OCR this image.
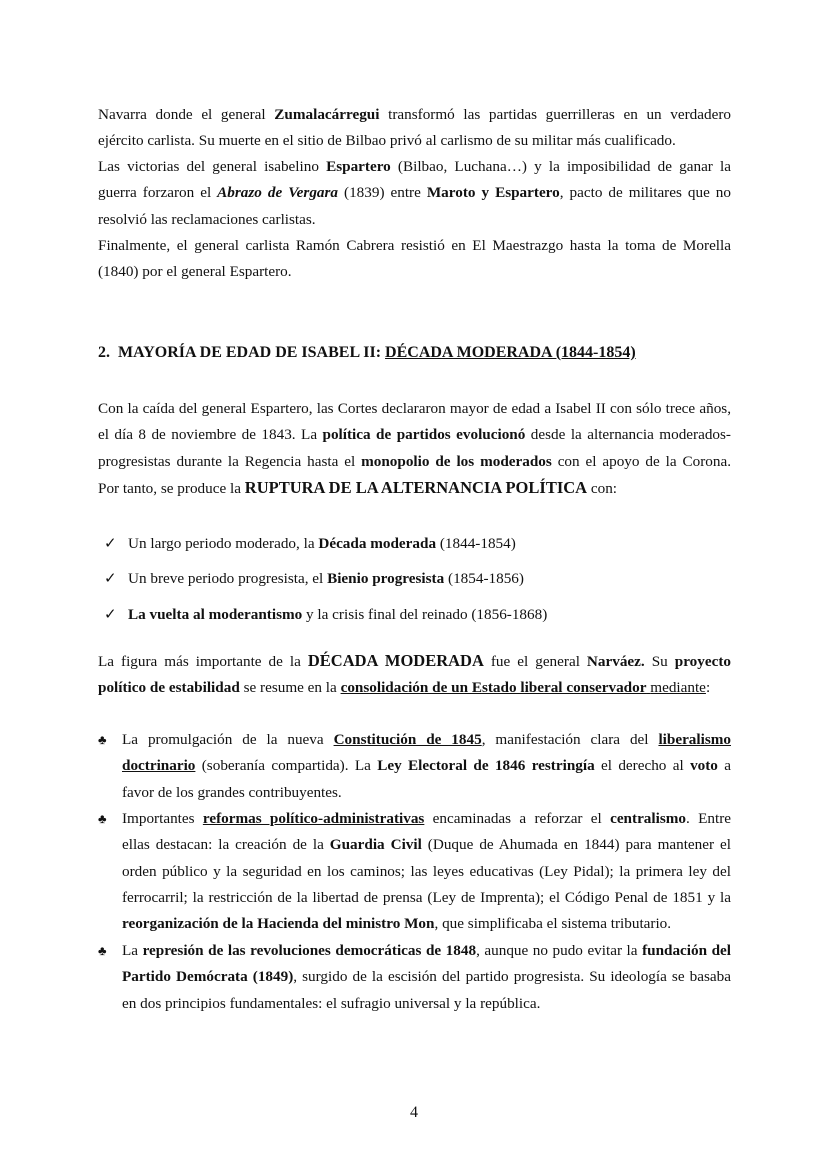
Navarra donde el general Zumalacárregui transformó las partidas guerrilleras en un verdadero
ejército carlista. Su muerte en el sitio de Bilbao privó al carlismo de su militar más cualificado.
Las victorias del general isabelino Espartero (Bilbao, Luchana…) y la imposibilidad de ganar la
guerra forzaron el Abrazo de Vergara (1839) entre Maroto y Espartero, pacto de militares que no
resolvió las reclamaciones carlistas.
Finalmente, el general carlista Ramón Cabrera resistió en El Maestrazgo hasta la toma de Morella
(1840) por el general Espartero.
2. MAYORÍA DE EDAD DE ISABEL II: DÉCADA MODERADA (1844-1854)
Con la caída del general Espartero, las Cortes declararon mayor de edad a Isabel II con sólo trece años,
el día 8 de noviembre de 1843. La política de partidos evolucionó desde la alternancia moderados-
progresistas durante la Regencia hasta el monopolio de los moderados con el apoyo de la Corona.
Por tanto, se produce la RUPTURA DE LA ALTERNANCIA POLÍTICA con:
✓ Un largo periodo moderado, la Década moderada (1844-1854)
✓ Un breve periodo progresista, el Bienio progresista (1854-1856)
✓ La vuelta al moderantismo y la crisis final del reinado (1856-1868)
La figura más importante de la DÉCADA MODERADA fue el general Narváez. Su proyecto
político de estabilidad se resume en la consolidación de un Estado liberal conservador mediante:
♣	La promulgación de la nueva Constitución de 1845, manifestación clara del liberalismo
doctrinario (soberanía compartida). La Ley Electoral de 1846 restringía el derecho al voto a
favor de los grandes contribuyentes.
♣	Importantes reformas político-administrativas encaminadas a reforzar el centralismo. Entre
ellas destacan: la creación de la Guardia Civil (Duque de Ahumada en 1844) para mantener el
orden público y la seguridad en los caminos; las leyes educativas (Ley Pidal); la primera ley del
ferrocarril; la restricción de la libertad de prensa (Ley de Imprenta); el Código Penal de 1851 y la
reorganización de la Hacienda del ministro Mon, que simplificaba el sistema tributario.
♣	La represión de las revoluciones democráticas de 1848, aunque no pudo evitar la fundación del
Partido Demócrata (1849), surgido de la escisión del partido progresista. Su ideología se basaba
en dos principios fundamentales: el sufragio universal y la república.
4
